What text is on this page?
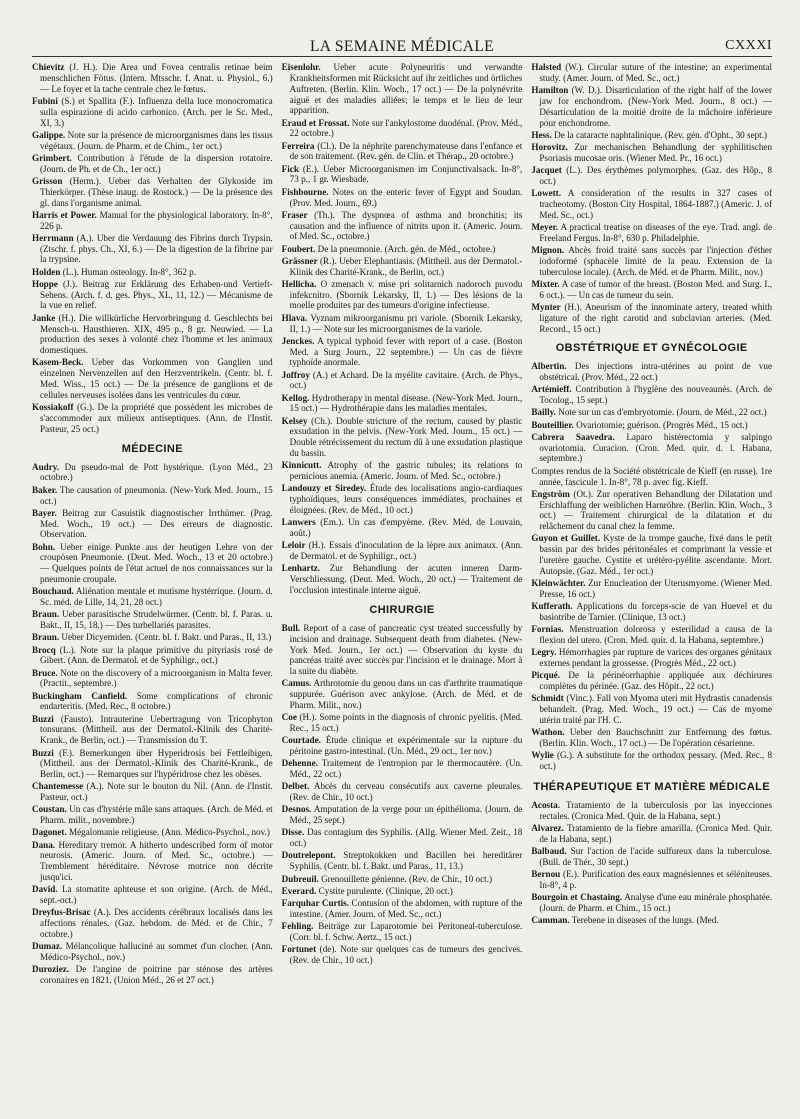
LA SEMAINE MÉDICALE	CXXXI
Chievitz (J. H.). Die Area und Fovea centralis retinae beim menschlichen Fötus. (Intern. Mtsschr. f. Anat. u. Physiol., 6.) — Le foyer et la tache centrale chez le fœtus.
Fubini (S.) et Spallita (F.). Influenza della luce monocromatica sulla espirazione di acido carbonico. (Arch. per le Sc. Med., XI, 3.)
Galippe. Note sur la présence de microorganismes dans les tissus végétaux. (Journ. de Pharm. et de Chim., 1er oct.)
Grimbert. Contribution à l'étude de la dispersion rotatoire. (Journ. de Ph. et de Ch., 1er oct.)
Grisson (Herm.). Ueber das Verhalten der Glykoside im Thierkörper. (Thèse inaug. de Rostock.) — De la présence des gl. dans l'organisme animal.
Harris et Power. Manual for the physiological laboratory. In-8°, 226 p.
Herrmann (A.). Uber die Verdauung des Fibrins durch Trypsin. (Ztschr. f. phys. Ch., XI, 6.) — De la digestion de la fibrine par la trypsine.
Holden (L.). Human osteology. In-8°, 362 p.
Hoppe (J.). Beitrag zur Erklärung des Erhaben-und Vertieft-Sehens. (Arch. f. d. ges. Phys., XL, 11, 12.) — Mécanisme de la vue en relief.
Janke (H.). Die willkürliche Hervorbringung d. Geschlechts bei Mensch-u. Hausthieren. XIX, 495 p., 8 gr. Neuwied. — La production des sexes à volonté chez l'homme et les animaux domestiques.
Kasem-Beck. Ueber das Vorkommen von Ganglien und einzelnen Nervenzellen auf den Herzventrikeln. (Centr. bl. f. Med. Wiss., 15 oct.) — De la présence de ganglions et de cellules nerveuses isolées dans les ventricules du cœur.
Kossiakoff (G.). De la propriété que possèdent les microbes de s'accommoder aux milieux antiseptiques. (Ann. de l'Instit. Pasteur, 25 oct.)
MÉDECINE
Audry. Du pseudo-mal de Pott hystérique. (Lyon Méd., 23 octobre.)
Baker. The causation of pneumonia. (New-York Med. Journ., 15 oct.)
Bayer. Beitrag zur Casuistik diagnostischer Irrthümer. (Prag. Med. Woch., 19 oct.) — Des erreurs de diagnostic. Observation.
Bohn. Ueber einige Punkte aus der heutigen Lehre von der croupösen Pneumonie. (Deut. Med. Woch., 13 et 20 octobre.) — Quelques points de l'état actuel de nos connaissances sur la pneumonie croupale.
Bouchaud. Aliénation mentale et mutisme hystérrique. (Journ. d. Sc. méd. de Lille, 14, 21, 28 oct.)
Braun. Ueber parasitische Strudelwürmer. (Centr. bl. f. Paras. u. Bakt., II, 15, 18.) — Des turbellariés parasites.
Braun. Ueber Dicyemiden. (Centr. bl. f. Bakt. und Paras., II, 13.)
Brocq (L.). Note sur la plaque primitive du pityriasis rosé de Gibert. (Ann. de Dermatol. et de Syphiligr., oct.)
Bruce. Note on the discovery of a microorganism in Malta fever. (Practit., septembre.)
Buckingham Canfield. Some complications of chronic endarteritis. (Med. Rec., 8 octobre.)
Buzzi (Fausto). Intrauterine Uebertragung von Tricophyton tonsurans. (Mittheil. aus der Dermatol.-Klinik des Charité-Krank., de Berlin, oct.) — Transmission du T.
Buzzi (F.). Bemerkungen über Hyperidrosis bei Fettleibigen. (Mittheil. aus der Dermatol.-Klinik des Charité-Krank., de Berlin, oct.) — Remarques sur l'hypéridrose chez les obèses.
Chantemesse (A.). Note sur le bouton du Nil. (Ann. de l'Instit. Pasteur, oct.)
Coustan. Un cas d'hystérie mâle sans attaques. (Arch. de Méd. et Pharm. milit., novembre.)
Dagonet. Mégalomanie religieuse. (Ann. Médico-Psychol., nov.)
Dana. Hereditary tremor. A hitherto undescribed form of motor neurosis. (Americ. Journ. of Med. Sc., octobre.) — Tremblement héréditaire. Névrose motrice non décrite jusqu'ici.
David. La stomatite aphteuse et son origine. (Arch. de Méd., sept.-oct.)
Dreyfus-Brisac (A.). Des accidents cérébraux localisés dans les affections rénales. (Gaz. hebdom. de Méd. et de Chir., 7 octobre.)
Dumaz. Mélancolique halluciné au sommet d'un clocher. (Ann. Médico-Psychol., nov.)
Duroziez. De l'angine de poitrine par sténose des artères coronaires en 1821. (Union Méd., 26 et 27 oct.)
Eisenlohr. Ueber acute Polyneuritis und verwandte Krankheitsformen mit Rücksicht auf ihr zeitliches und örtliches Auftreten. (Berlin. Klin. Woch., 17 oct.) — De la polynévrite aiguë et des maladies alliées; le temps et le lieu de leur apparition.
Eraud et Frossat. Note sur l'ankylostome duodénal. (Prov. Méd., 22 octobre.)
Ferreira (Cl.). De la néphrite parenchymateuse dans l'enfance et de son traitement. (Rev. gén. de Clin. et Thérap., 20 octobre.)
Fick (E.). Ueber Microorganismen im Conjunctivalsack. In-8°, 73 p., 1 gr. Wiesbade.
Fishbourne. Notes on the enteric fever of Egypt and Soudan. (Prov. Med. Journ., 69.)
Fraser (Th.). The dyspnœa of asthma and bronchitis; its causation and the influence of nitrits upon it. (Americ. Journ. of Med. Sc., octobre.)
Foubert. De la pneumonie. (Arch. gén. de Méd., octobre.)
Grässner (R.). Ueber Elephantiasis. (Mittheil. aus der Dermatol.-Klinik des Charité-Krank., de Berlin, oct.)
Hellicha. O zmenach v. mise pri solitarnich nadoroch puvodu infekcnitro. (Sbornik Lekarsky, II, 1.) — Des lésions de la moelle produites par des tumeurs d'origine infectieuse.
Hlava. Vyznam mikroorganismu pri variole. (Sbornik Lekarsky, II, 1.) — Note sur les microorganismes de la variole.
Jenckes. A typical typhoid fever with report of a case. (Boston Med. a Surg Journ., 22 septembre.) — Un cas de fièvre typhoïde anormale.
Joffroy (A.) et Achard. De la myélite cavitaire. (Arch. de Phys., oct.)
Kellog. Hydrotherapy in mental disease. (New-York Med. Journ., 15 oct.) — Hydrothérapie dans les maladies mentales.
Kelsey (Ch.). Double stricture of the rectum, caused by plastic exsudation in the pelvis. (New-York Med. Journ., 15 oct.) — Double rétrécissement du rectum dû à une exsudation plastique du bassin.
Kinnicutt. Atrophy of the gastric tubules; its relations to pernicious anemia. (Americ. Journ. of Med. Sc., octobre.)
Landouzy et Siredey. Étude des localisations angio-cardiaques typhoïdiques, leurs conséquences immédiates, prochaines et éloignées. (Rev. de Méd., 10 oct.)
Lanwers (Em.). Un cas d'empyème. (Rev. Méd. de Louvain, août.)
Leloir (H.). Essais d'inoculation de la lèpre aux animaux. (Ann. de Dermatol. et de Syphiligr., oct.)
Lenhartz. Zur Behandlung der acuten inneren DarmVerschliessung. (Deut. Med. Woch., 20 oct.) — Traitement de l'occlusion intestinale interne aiguë.
CHIRURGIE
Bull. Report of a case of pancreatic cyst treated successfully by incision and drainage. Subsequent death from diabetes. (New-York Med. Journ., 1er oct.) — Observation du kyste du pancréas traité avec succès par l'incision et le drainage. Mort à la suite du diabète.
Camus. Arthrotomie du genou dans un cas d'arthrite traumatique suppurée. Guérison avec ankylose. (Arch. de Méd. et de Pharm. Milit., nov.)
Coe (H.). Some points in the diagnosis of chronic pyelitis. (Med. Rec., 15 oct.)
Courtade. Étude clinique et expérimentale sur la rupture du péritoine gastro-intestinal. (Un. Méd., 29 oct., 1er nov.)
Dehenne. Traitement de l'entropion par le thermocautère. (Un. Méd., 22 oct.)
Delbet. Abcès du cerveau consécutifs aux caverne pleurales. (Rev. de Chir., 10 oct.)
Desnos. Amputation de la verge pour un épithélioma. (Journ. de Méd., 25 sept.)
Disse. Das contagium des Syphilis. (Allg. Wiener Med. Zeit., 18 oct.)
Doutrelepont. Streptokokken und Bacillen bei hereditärer Syphilis. (Centr. bl. f. Bakt. und Paras., 11, 13.)
Dubreuil. Grenouillette génienne. (Rev. de Chir., 10 oct.)
Everard. Cystite purulente. (Clinique, 20 oct.)
Farquhar Curtis. Contusion of the abdomen, with rupture of the intestine. (Amer. Journ. of Med. Sc., oct.)
Fehling. Beiträge zur Laparotomie bei Peritoneal-tuberculose. (Corr. bl. f. Schw. Aertz., 15 oct.)
Fortunet (de). Note sur quelques cas de tumeurs des gencives. (Rev. de Chir., 10 oct.)
Halsted (W.). Circular suture of the intestine; an experimental study. (Amer. Journ. of Med. Sc., oct.)
Hamilton (W. D.). Disarticulation of the right half of the lower jaw for enchondrom. (New-York Med. Journ., 8 oct.) — Désarticulation de la moitié droite de la mâchoire inférieure pour enchondrome.
Hess. De la cataracte naphtalinique. (Rev. gén. d'Opht., 30 sept.)
Horovitz. Zur mechanischen Behandlung der syphilitischen Psoriasis mucosae oris. (Wiener Med. Pr., 16 oct.)
Jacquet (L.). Des érythèmes polymorphes. (Gaz. des Hôp., 8 oct.)
Lowett. A consideration of the results in 327 cases of tracheotomy. (Boston City Hospital, 1864-1887.) (Americ. J. of Med. Sc., oct.)
Meyer. A practical treatise on diseases of the eye. Trad. angl. de Freeland Fergus. In-8°, 630 p. Philadelphie.
Mignon. Abcès froid traité sans succès par l'injection d'éther iodoformé (sphacèle limité de la peau. Extension de la tuberculose locale). (Arch. de Méd. et de Pharm. Milit., nov.)
Mixter. A case of tumor of the breast. (Boston Med. and Surg. I., 6 oct.). — Un cas de tumeur du sein.
Mynter (H.). Aneurism of the innominate artery, treated whith ligature of the right carotid and subclavian arteries. (Med. Record., 15 oct.)
OBSTÉTRIQUE ET GYNÉCOLOGIE
Albertin. Des injections intra-utérines au point de vue obstétrical. (Prov. Méd., 22 oct.)
Artémieff. Contribution à l'hygiène des nouveaunés. (Arch. de Tocolog., 15 sept.)
Bailly. Note sur un cas d'embryotomie. (Journ. de Méd., 22 oct.)
Bouteillier. Ovariotomie; guérison. (Progrès Méd., 15 oct.)
Cabrera Saavedra. Laparo histérectomia y salpingo ovariotomia. Curacion. (Cron. Med. quir. d. l. Habana, septembre.)
Comptes rendus de la Société obstétricale de Kieff (en russe). 1re année, fascicule 1. In-8°, 78 p. avec fig. Kieff.
Engström (Ot.). Zur operativen Behandlung der Dilatation und Erschlaffung der weiblichen Harnröhre. (Berlin. Klin. Woch., 3 oct.) — Traitement chirurgical de la dilatation et du relâchement du canal chez la femme.
Guyon et Guillet. Kyste de la trompe gauche, fixé dans le petit bassin par des brides péritonéales et comprimant la vessie et l'uretère gauche. Cystite et urétéro-pyélite ascendante. Mort. Autopsie. (Gaz. Méd., 1er oct.)
Kleinwächter. Zur Enucleation der Uterusmyome. (Wiener Med. Presse, 16 oct.)
Kufferath. Applications du forceps-scie de van Huevel et du basiotribe de Tarnier. (Clinique, 13 oct.)
Fornias. Menstruation dolorosa y esterilidad a causa de la flexion del utero. (Cron. Med. quir. d. la Habana, septembre.)
Legry. Hémorrhagies par rupture de varices des organes génitaux externes pendant la grossesse. (Progrès Méd., 22 oct.)
Picqué. De la périnéorrhaphie appliquée aux déchirures complètes du périnée. (Gaz. des Hôpit., 22 oct.)
Schmidt (Vinc.). Fall von Myoma uteri mit Hydrastis canadensis behandelt. (Prag. Med. Woch., 19 oct.) — Cas de myome utérin traité par l'H. C.
Wathon. Ueber den Bauchschnitt zur Entfernung des fœtus. (Berlin. Klin. Woch., 17 oct.) — De l'opération césarienne.
Wylie (G.). A substitute for the orthodox pessary. (Med. Rec., 8 oct.)
THÉRAPEUTIQUE ET MATIÈRE MÉDICALE
Acosta. Tratamiento de la tuberculosis por las inyecciones rectales. (Cronica Med. Quir. de la Habana, sept.)
Alvarez. Tratamiento de la fiebre amarilla. (Cronica Med. Quir. de la Habana, sept.)
Balbaud. Sur l'action de l'acide sulfureux dans la tuberculose. (Bull. de Thér., 30 sept.)
Bernou (E.). Purification des eaux magnésiennes et séléniteuses. In-8°, 4 p.
Bourgoin et Chastaing. Analyse d'une eau minérale phosphatée. (Journ. de Pharm. et Chim., 15 oct.)
Camman. Terebene in diseases of the lungs. (Med.
